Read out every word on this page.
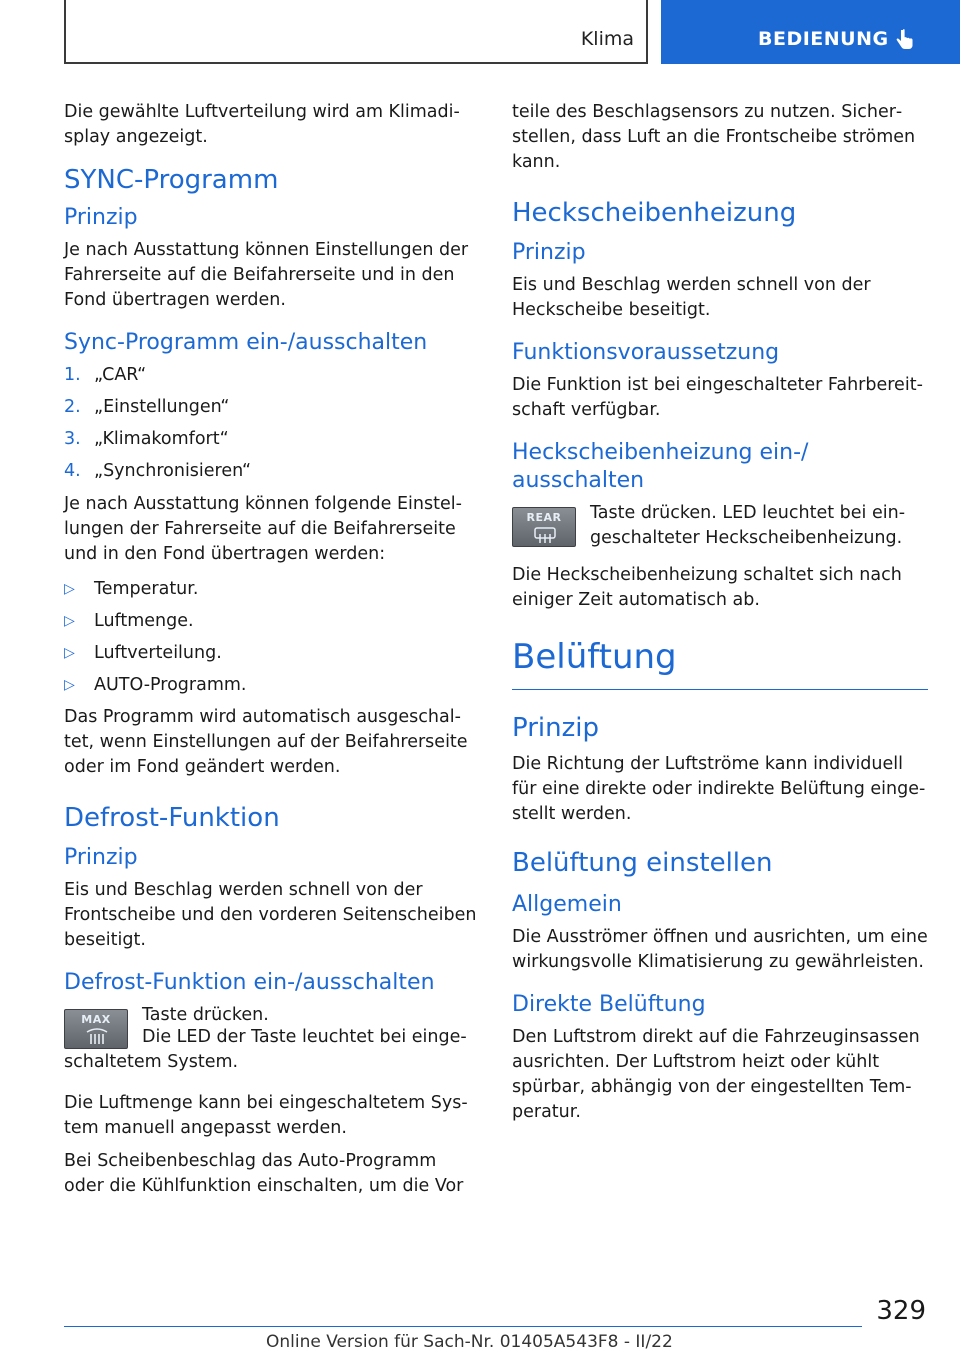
Klima	BEDIENUNG

Die gewählte Luftverteilung wird am Klimadisplay angezeigt.

SYNC-Programm
Prinzip

Je nach Ausstattung können Einstellungen der Fahrerseite auf die Beifahrerseite und in den Fond übertragen werden.

Sync-Programm ein-/ausschalten
1. „CAR“
2. „Einstellungen“
3. „Klimakomfort“
4. „Synchronisieren“

Je nach Ausstattung können folgende Einstellungen der Fahrerseite auf die Beifahrerseite und in den Fond übertragen werden:

▷	Temperatur.
▷	Luftmenge.
▷	Luftverteilung.
▷	AUTO-Programm.

Das Programm wird automatisch ausgeschaltet, wenn Einstellungen auf der Beifahrerseite oder im Fond geändert werden.

Defrost-Funktion
Prinzip

Eis und Beschlag werden schnell von der Frontscheibe und den vorderen Seitenscheiben beseitigt.

Defrost-Funktion ein-/ausschalten
MAX	Taste drücken.

Die LED der Taste leuchtet bei eingeschaltetem System.

Die Luftmenge kann bei eingeschaltetem System manuell angepasst werden.

Bei Scheibenbeschlag das Auto-Programm oder die Kühlfunktion einschalten, um die Vor

teile des Beschlagsensors zu nutzen. Sicherstellen, dass Luft an die Frontscheibe strömen kann.

Heckscheibenheizung
Prinzip

Eis und Beschlag werden schnell von der Heckscheibe beseitigt.

Funktionsvoraussetzung

Die Funktion ist bei eingeschalteter Fahrbereitschaft verfügbar.

Heckscheibenheizung ein-/ ausschalten
REAR	Taste drücken. LED leuchtet bei eingeschalteter Heckscheibenheizung.

Die Heckscheibenheizung schaltet sich nach einiger Zeit automatisch ab.

Belüftung
Prinzip

Die Richtung der Luftströme kann individuell für eine direkte oder indirekte Belüftung eingestellt werden.

Belüftung einstellen
Allgemein

Die Ausströmer öffnen und ausrichten, um eine wirkungsvolle Klimatisierung zu gewährleisten.

Direkte Belüftung

Den Luftstrom direkt auf die Fahrzeuginsassen ausrichten. Der Luftstrom heizt oder kühlt spürbar, abhängig von der eingestellten Temperatur.

329
Online Version für Sach-Nr. 01405A543F8 - II/22
